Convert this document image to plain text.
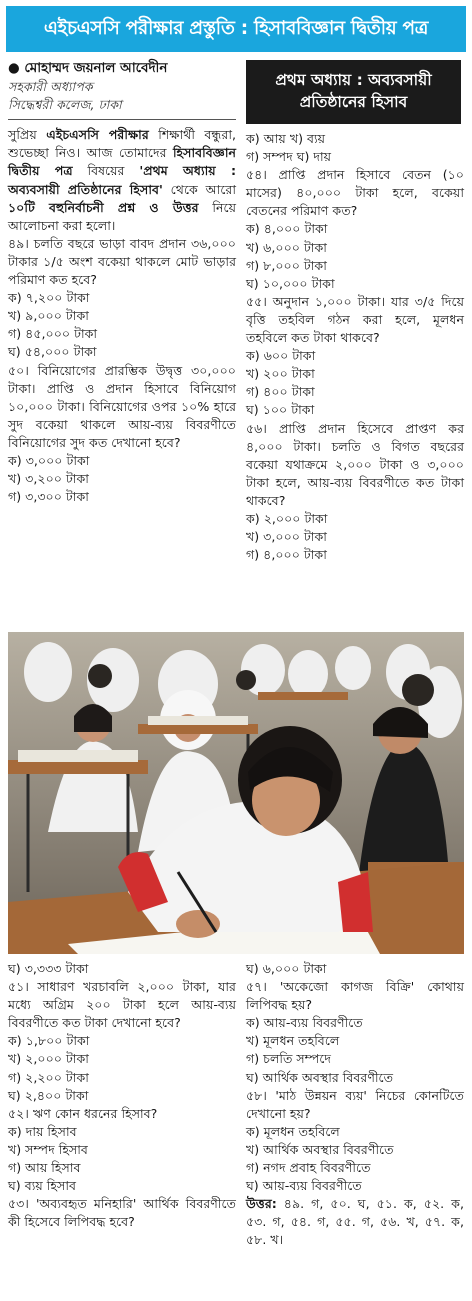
এইচএসসি পরীক্ষার প্রস্তুতি : হিসাববিজ্ঞান দ্বিতীয় পত্র

● মোহাম্মদ জয়নাল আবেদীন

সহকারী অধ্যাপক

সিদ্ধেশ্বরী কলেজ, ঢাকা

সুপ্রিয় এইচএসসি পরীক্ষার শিক্ষার্থী বন্ধুরা, শুভেচ্ছা নিও। আজ তোমাদের হিসাববিজ্ঞান দ্বিতীয় পত্র বিষয়ের 'প্রথম অধ্যায় : অব্যবসায়ী প্রতিষ্ঠানের হিসাব' থেকে আরো ১০টি বহুনির্বাচনী প্রশ্ন ও উত্তর নিয়ে আলোচনা করা হলো।

৪৯। চলতি বছরে ভাড়া বাবদ প্রদান ৩৬,০০০ টাকার ১/৫ অংশ বকেয়া থাকলে মোট ভাড়ার পরিমাণ কত হবে?

ক) ৭,২০০ টাকা

খ) ৯,০০০ টাকা

গ) ৪৫,০০০ টাকা

ঘ) ৫৪,০০০ টাকা

৫০। বিনিয়োগের প্রারম্ভিক উদ্বৃত্ত ৩০,০০০ টাকা। প্রাপ্তি ও প্রদান হিসাবে বিনিয়োগ ১০,০০০ টাকা। বিনিয়োগের ওপর ১০% হারে সুদ বকেয়া থাকলে আয়-ব্যয় বিবরণীতে বিনিয়োগের সুদ কত দেখানো হবে?

ক) ৩,০০০ টাকা

খ) ৩,২০০ টাকা

গ) ৩,৩০০ টাকা

প্রথম অধ্যায় : অব্যবসায়ী

প্রতিষ্ঠানের হিসাব

ক) আয় খ) ব্যয়

গ) সম্পদ ঘ) দায়

৫৪। প্রাপ্তি প্রদান হিসাবে বেতন (১০ মাসের) ৪০,০০০ টাকা হলে, বকেয়া বেতনের পরিমাণ কত?

ক) ৪,০০০ টাকা

খ) ৬,০০০ টাকা

গ) ৮,০০০ টাকা

ঘ) ১০,০০০ টাকা

৫৫। অনুদান ১,০০০ টাকা। যার ৩/৫ দিয়ে বৃত্তি তহবিল গঠন করা হলে, মূলধন তহবিলে কত টাকা থাকবে?

ক) ৬০০ টাকা

খ) ২০০ টাকা

গ) ৪০০ টাকা

ঘ) ১০০ টাকা

৫৬। প্রাপ্তি প্রদান হিসেবে প্রাপ্তণ কর ৪,০০০ টাকা। চলতি ও বিগত বছরের বকেয়া যথাক্রমে ২,০০০ টাকা ও ৩,০০০ টাকা হলে, আয়-ব্যয় বিবরণীতে কত টাকা থাকবে?

ক) ২,০০০ টাকা

খ) ৩,০০০ টাকা

গ) ৪,০০০ টাকা

ঘ) ৩,৩৩৩ টাকা

৫১। সাধারণ খরচাবলি ২,০০০ টাকা, যার মধ্যে অগ্রিম ২০০ টাকা হলে আয়-ব্যয় বিবরণীতে কত টাকা দেখানো হবে?

ক) ১,৮০০ টাকা

খ) ২,০০০ টাকা

গ) ২,২০০ টাকা

ঘ) ২,৪০০ টাকা

৫২। ঋণ কোন ধরনের হিসাব?

ক) দায় হিসাব

খ) সম্পদ হিসাব

গ) আয় হিসাব

ঘ) ব্যয় হিসাব

৫৩। 'অব্যবহৃত মনিহারি' আর্থিক বিবরণীতে কী হিসেবে লিপিবদ্ধ হবে?

ঘ) ৬,০০০ টাকা

৫৭। 'অকেজো কাগজ বিক্রি' কোথায় লিপিবদ্ধ হয়?

ক) আয়-ব্যয় বিবরণীতে

খ) মূলধন তহবিলে

গ) চলতি সম্পদে

ঘ) আর্থিক অবস্থার বিবরণীতে

৫৮। 'মাঠ উন্নয়ন ব্যয়' নিচের কোনটিতে দেখানো হয়?

ক) মূলধন তহবিলে

খ) আর্থিক অবস্থার বিবরণীতে

গ) নগদ প্রবাহ বিবরণীতে

ঘ) আয়-ব্যয় বিবরণীতে

উত্তর: ৪৯. গ, ৫০. ঘ, ৫১. ক, ৫২. ক, ৫৩. গ, ৫৪. গ, ৫৫. গ, ৫৬. খ, ৫৭. ক, ৫৮. খ।
